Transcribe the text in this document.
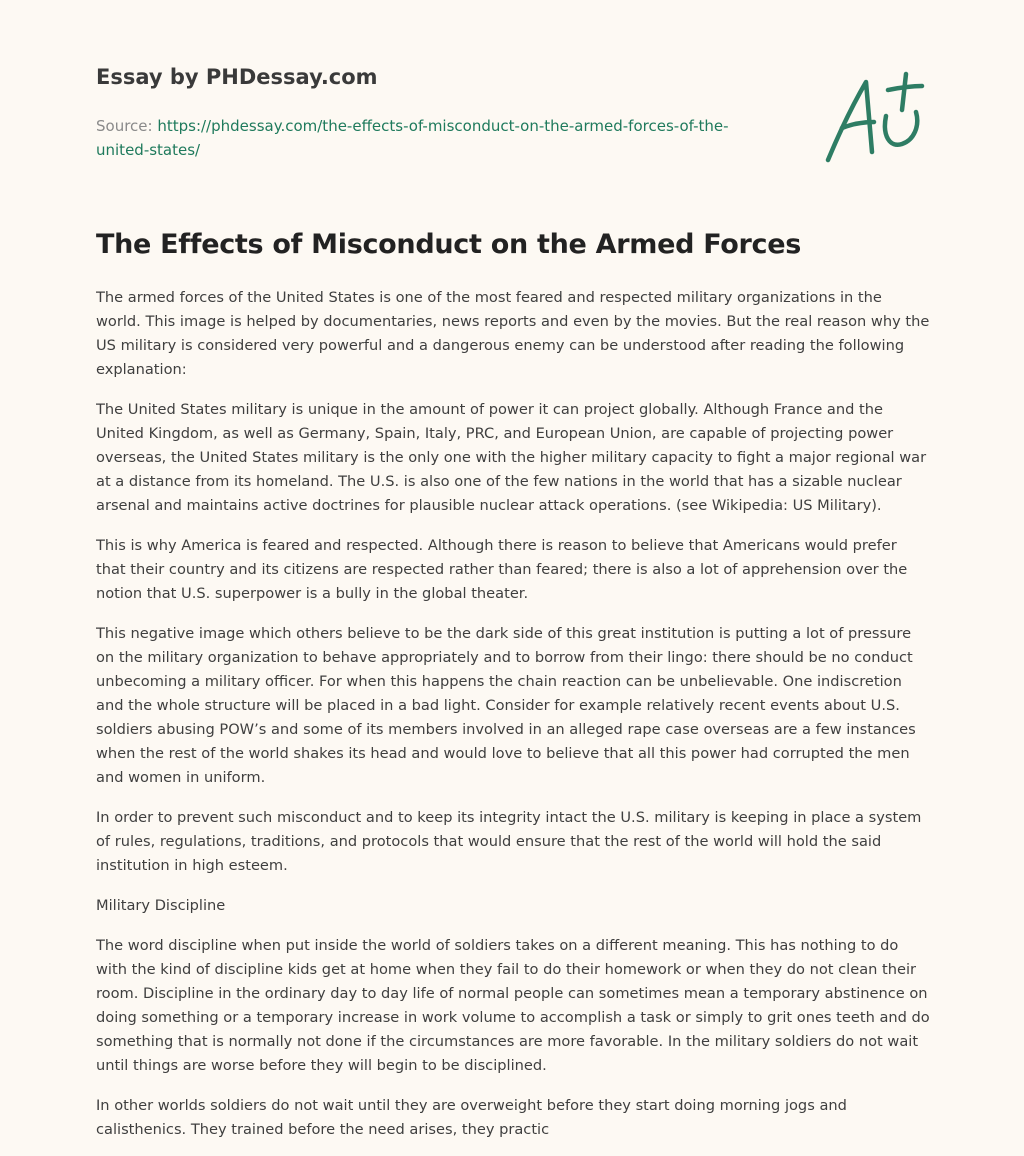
Essay by PHDessay.com
Source: https://phdessay.com/the-effects-of-misconduct-on-the-armed-forces-of-the-united-states/
The Effects of Misconduct on the Armed Forces

The armed forces of the United States is one of the most feared and respected military organizations in the world. This image is helped by documentaries, news reports and even by the movies. But the real reason why the US military is considered very powerful and a dangerous enemy can be understood after reading the following explanation:

The United States military is unique in the amount of power it can project globally. Although France and the United Kingdom, as well as Germany, Spain, Italy, PRC, and European Union, are capable of projecting power overseas, the United States military is the only one with the higher military capacity to fight a major regional war at a distance from its homeland. The U.S. is also one of the few nations in the world that has a sizable nuclear arsenal and maintains active doctrines for plausible nuclear attack operations. (see Wikipedia: US Military).

This is why America is feared and respected. Although there is reason to believe that Americans would prefer that their country and its citizens are respected rather than feared; there is also a lot of apprehension over the notion that U.S. superpower is a bully in the global theater.

This negative image which others believe to be the dark side of this great institution is putting a lot of pressure on the military organization to behave appropriately and to borrow from their lingo: there should be no conduct unbecoming a military officer. For when this happens the chain reaction can be unbelievable. One indiscretion and the whole structure will be placed in a bad light. Consider for example relatively recent events about U.S. soldiers abusing POW’s and some of its members involved in an alleged rape case overseas are a few instances when the rest of the world shakes its head and would love to believe that all this power had corrupted the men and women in uniform.

In order to prevent such misconduct and to keep its integrity intact the U.S. military is keeping in place a system of rules, regulations, traditions, and protocols that would ensure that the rest of the world will hold the said institution in high esteem.

Military Discipline

The word discipline when put inside the world of soldiers takes on a different meaning. This has nothing to do with the kind of discipline kids get at home when they fail to do their homework or when they do not clean their room. Discipline in the ordinary day to day life of normal people can sometimes mean a temporary abstinence on doing something or a temporary increase in work volume to accomplish a task or simply to grit ones teeth and do something that is normally not done if the circumstances are more favorable. In the military soldiers do not wait until things are worse before they will begin to be disciplined.

In other worlds soldiers do not wait until they are overweight before they start doing morning jogs and calisthenics. They trained before the need arises, they practic
